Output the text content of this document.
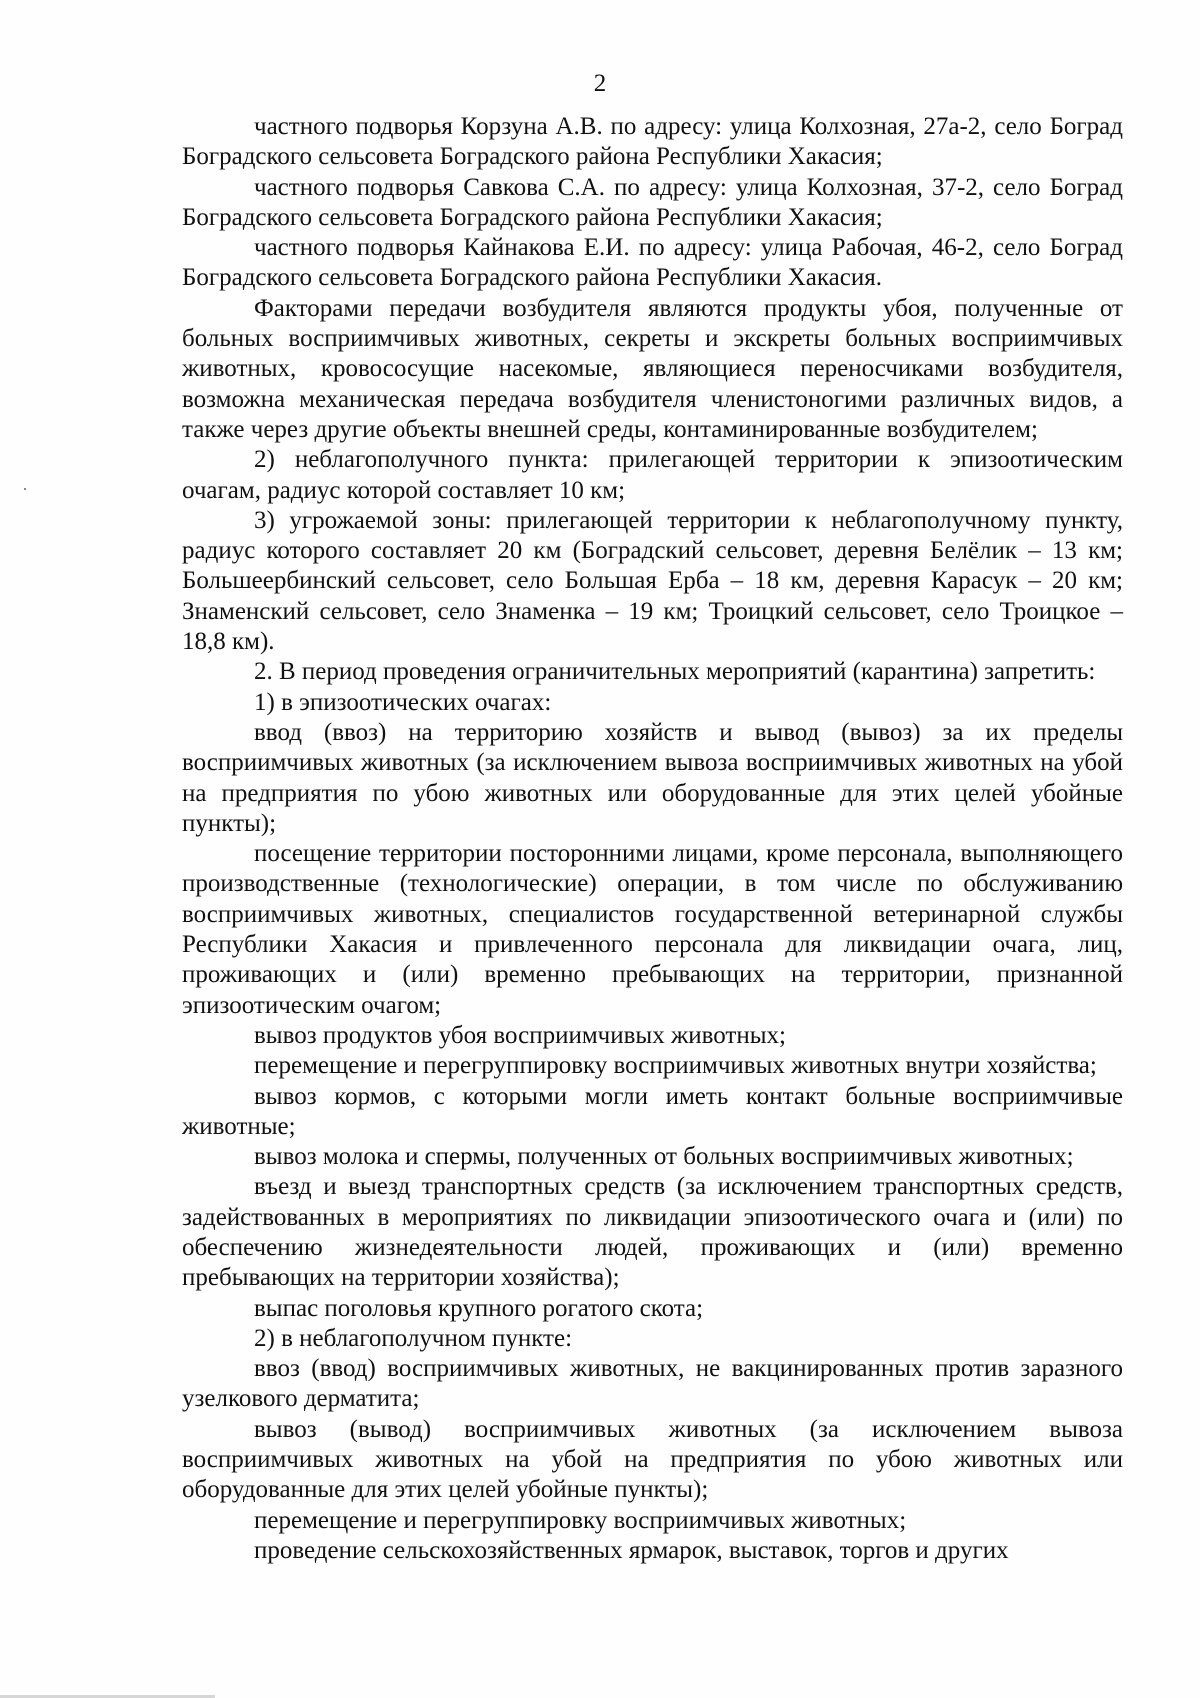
2

частного подворья Корзуна А.В. по адресу: улица Колхозная, 27а-2, село Боград Боградского сельсовета Боградского района Республики Хакасия;

частного подворья Савкова С.А. по адресу: улица Колхозная, 37-2, село Боград Боградского сельсовета Боградского района Республики Хакасия;

частного подворья Кайнакова Е.И. по адресу: улица Рабочая, 46-2, село Боград Боградского сельсовета Боградского района Республики Хакасия.

Факторами передачи возбудителя являются продукты убоя, полученные от больных восприимчивых животных, секреты и экскреты больных восприимчивых животных, кровососущие насекомые, являющиеся переносчиками возбудителя, возможна механическая передача возбудителя членистоногими различных видов, а также через другие объекты внешней среды, контаминированные возбудителем;

2) неблагополучного пункта: прилегающей территории к эпизоотическим очагам, радиус которой составляет 10 км;

3) угрожаемой зоны: прилегающей территории к неблагополучному пункту, радиус которого составляет 20 км (Боградский сельсовет, деревня Белёлик – 13 км; Большеербинский сельсовет, село Большая Ерба – 18 км, деревня Карасук – 20 км; Знаменский сельсовет, село Знаменка – 19 км; Троицкий сельсовет, село Троицкое – 18,8 км).

2. В период проведения ограничительных мероприятий (карантина) запретить:

1) в эпизоотических очагах:

ввод (ввоз) на территорию хозяйств и вывод (вывоз) за их пределы восприимчивых животных (за исключением вывоза восприимчивых животных на убой на предприятия по убою животных или оборудованные для этих целей убойные пункты);

посещение территории посторонними лицами, кроме персонала, выполняющего производственные (технологические) операции, в том числе по обслуживанию восприимчивых животных, специалистов государственной ветеринарной службы Республики Хакасия и привлеченного персонала для ликвидации очага, лиц, проживающих и (или) временно пребывающих на территории, признанной эпизоотическим очагом;

вывоз продуктов убоя восприимчивых животных;

перемещение и перегруппировку восприимчивых животных внутри хозяйства;

вывоз кормов, с которыми могли иметь контакт больные восприимчивые животные;

вывоз молока и спермы, полученных от больных восприимчивых животных;

въезд и выезд транспортных средств (за исключением транспортных средств, задействованных в мероприятиях по ликвидации эпизоотического очага и (или) по обеспечению жизнедеятельности людей, проживающих и (или) временно пребывающих на территории хозяйства);

выпас поголовья крупного рогатого скота;

2) в неблагополучном пункте:

ввоз (ввод) восприимчивых животных, не вакцинированных против заразного узелкового дерматита;

вывоз (вывод) восприимчивых животных (за исключением вывоза восприимчивых животных на убой на предприятия по убою животных или оборудованные для этих целей убойные пункты);

перемещение и перегруппировку восприимчивых животных;

проведение сельскохозяйственных ярмарок, выставок, торгов и других
